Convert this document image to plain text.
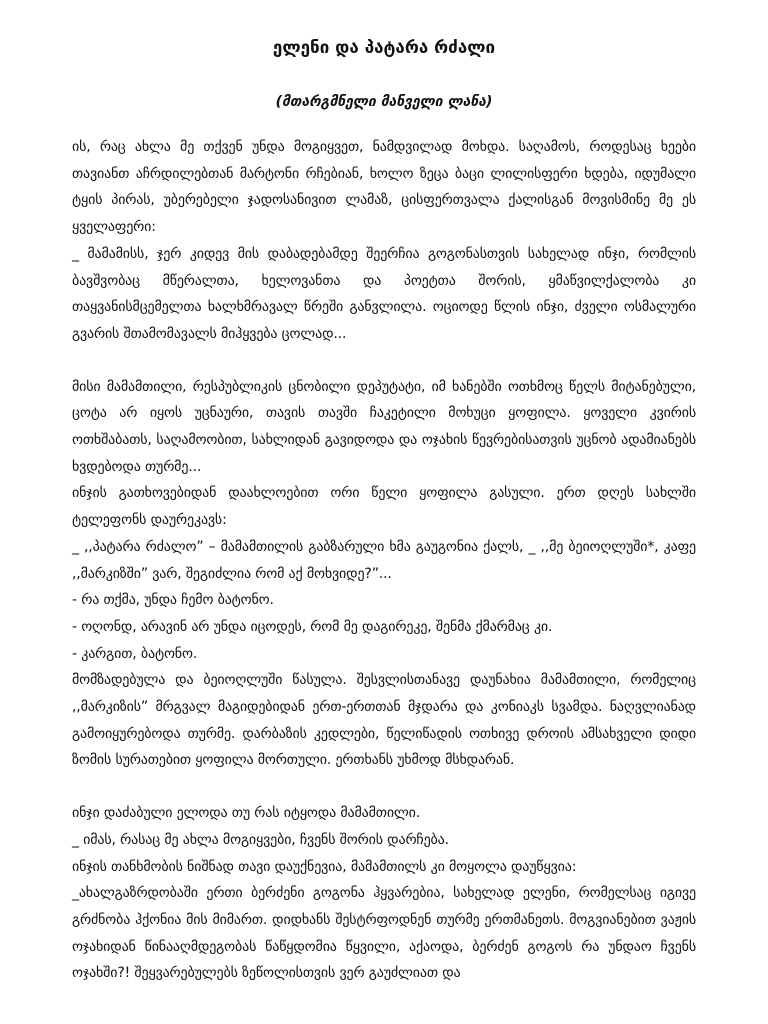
ელენი და პატარა რძალი

(მთარგმნელი მანველი ლანა)

ის, რაც ახლა მე თქვენ უნდა მოგიყვეთ, ნამდვილად მოხდა. საღამოს, როდესაც ხეები თავიანთ აჩრდილებთან მარტონი რჩებიან, ხოლო ზეცა ბაცი ლილისფერი ხდება, იდუმალი ტყის პირას, უბერებელი ჯადოსანივით ლამაზ, ცისფერთვალა ქალისგან მოვისმინე მე ეს ყველაფერი:

_ მამამისს, ჯერ კიდევ მის დაბადებამდე შეერჩია გოგონასთვის სახელად ინჯი, რომლის ბავშვობაც მწერალთა, ხელოვანთა და პოეტთა შორის, ყმაწვილქალობა კი თაყვანისმცემელთა ხალხმრავალ წრეში განვლილა. ოციოდე წლის ინჯი, ძველი ოსმალური გვარის შთამომავალს მიჰყვება ცოლად...

მისი მამამთილი, რესპუბლიკის ცნობილი დეპუტატი, იმ ხანებში ოთხმოც წელს მიტანებული, ცოტა არ იყოს უცნაური, თავის თავში ჩაკეტილი მოხუცი ყოფილა. ყოველი კვირის ოთხშაბათს, საღამოობით, სახლიდან გავიდოდა და ოჯახის წევრებისათვის უცნობ ადამიანებს ხვდებოდა თურმე...

ინჯის გათხოვებიდან დაახლოებით ორი წელი ყოფილა გასული. ერთ დღეს სახლში ტელეფონს დაურეკავს:

_ ,,პატარა რძალო” – მამამთილის გაბზარული ხმა გაუგონია ქალს, _ ,,მე ბეიოღლუში*, კაფე ,,მარკიზში” ვარ, შეგიძლია რომ აქ მოხვიდე?”...

- რა თქმა, უნდა ჩემო ბატონო.

- ოღონდ, არავინ არ უნდა იცოდეს, რომ მე დაგირეკე, შენმა ქმარმაც კი.

- კარგით, ბატონო.

მომზადებულა და ბეიოღლუში წასულა. შესვლისთანავე დაუნახია მამამთილი, რომელიც ,,მარკიზის” მრგვალ მაგიდებიდან ერთ-ერთთან მჯდარა და კონიაკს სვამდა. ნაღვლიანად გამოიყურებოდა თურმე. დარბაზის კედლები, წელიწადის ოთხივე დროის ამსახველი დიდი ზომის სურათებით ყოფილა მორთული. ერთხანს უხმოდ მსხდარან.

ინჯი დაძაბული ელოდა თუ რას იტყოდა მამამთილი.

_ იმას, რასაც მე ახლა მოგიყვები, ჩვენს შორის დარჩება.

ინჯის თანხმობის ნიშნად თავი დაუქნევია, მამამთილს კი მოყოლა დაუწყვია:

_ახალგაზრდობაში ერთი ბერძენი გოგონა ჰყვარებია, სახელად ელენი, რომელსაც იგივე გრძნობა ჰქონია მის მიმართ. დიდხანს შესტრფოდნენ თურმე ერთმანეთს. მოგვიანებით ვაჟის ოჯახიდან წინააღმდეგობას წაწყდომია წყვილი, აქაოდა, ბერძენ გოგოს რა უნდაო ჩვენს ოჯახში?! შეყვარებულებს ზეწოლისთვის ვერ გაუძლიათ და
